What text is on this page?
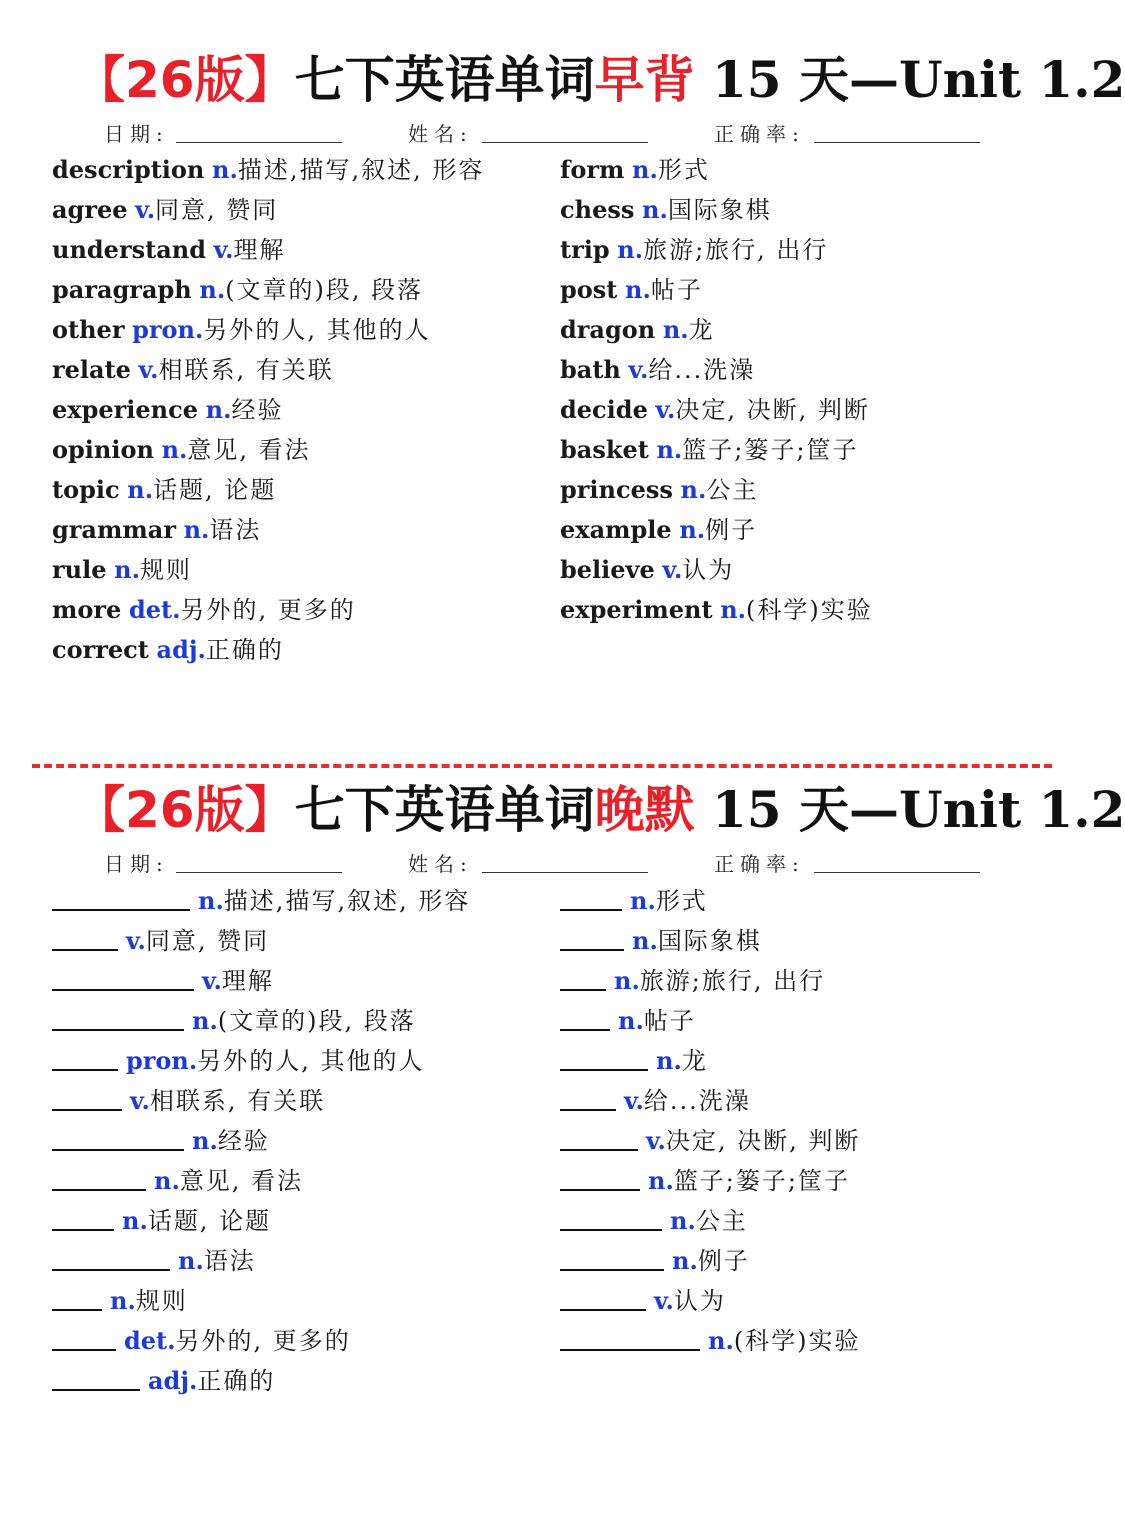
【26版】七下英语单词早背 15 天—Unit 1.2
日期:	姓名:	正确率:
description n.描述,描写,叙述, 形容
agree v.同意, 赞同
understand v.理解
paragraph n.(文章的)段, 段落
other pron.另外的人, 其他的人
relate v.相联系, 有关联
experience n.经验
opinion n.意见, 看法
topic n.话题, 论题
grammar n.语法
rule n.规则
more det.另外的, 更多的
correct adj.正确的
form n.形式
chess n.国际象棋
trip n.旅游;旅行, 出行
post n.帖子
dragon n.龙
bath v.给...洗澡
decide v.决定, 决断, 判断
basket n.篮子;篓子;筐子
princess n.公主
example n.例子
believe v.认为
experiment n.(科学)实验
【26版】七下英语单词晚默 15 天—Unit 1.2
日期:	姓名:	正确率:
n.描述,描写,叙述, 形容
v.同意, 赞同
v.理解
n.(文章的)段, 段落
pron.另外的人, 其他的人
v.相联系, 有关联
n.经验
n.意见, 看法
n.话题, 论题
n.语法
n.规则
det.另外的, 更多的
adj.正确的
n.形式
n.国际象棋
n.旅游;旅行, 出行
n.帖子
n.龙
v.给...洗澡
v.决定, 决断, 判断
n.篮子;篓子;筐子
n.公主
n.例子
v.认为
n.(科学)实验
